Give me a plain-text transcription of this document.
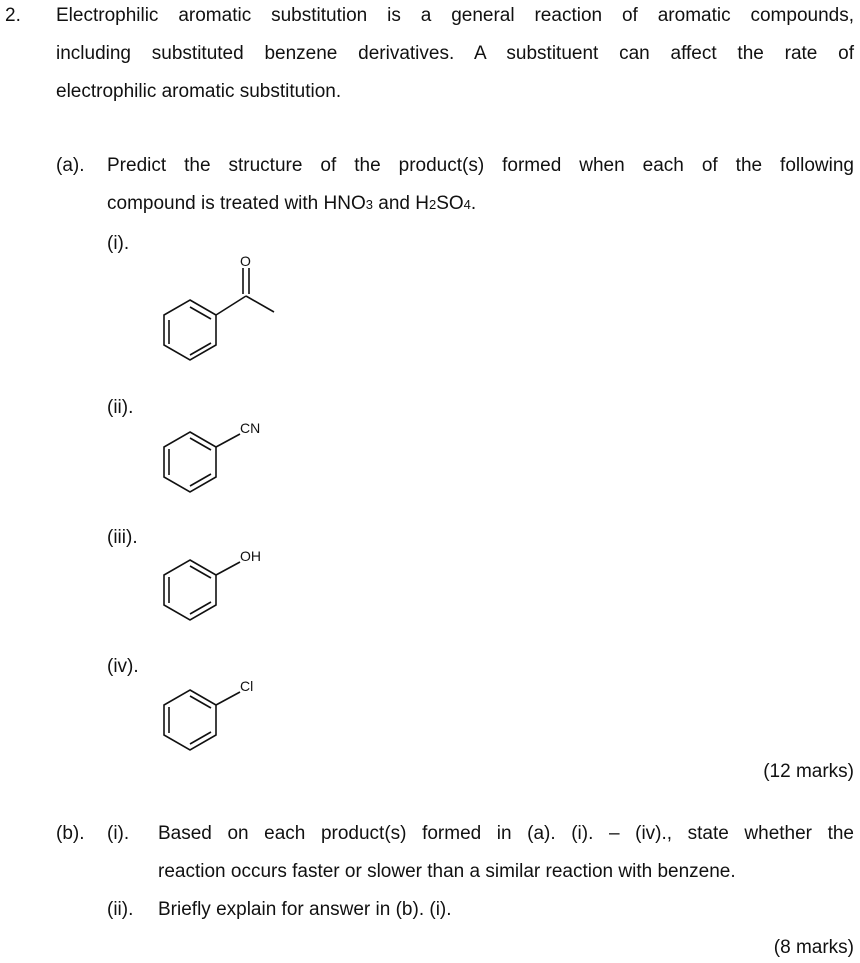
2. Electrophilic aromatic substitution is a general reaction of aromatic compounds,
including substituted benzene derivatives. A substituent can affect the rate of
electrophilic aromatic substitution.
(a). Predict the structure of the product(s) formed when each of the following
compound is treated with HNO3 and H2SO4.
(i).
O
(ii).
CN
(iii).
OH
(iv).
Cl
(12 marks)
(b). (i). Based on each product(s) formed in (a). (i). – (iv)., state whether the
reaction occurs faster or slower than a similar reaction with benzene.
(ii). Briefly explain for answer in (b). (i).
(8 marks)
